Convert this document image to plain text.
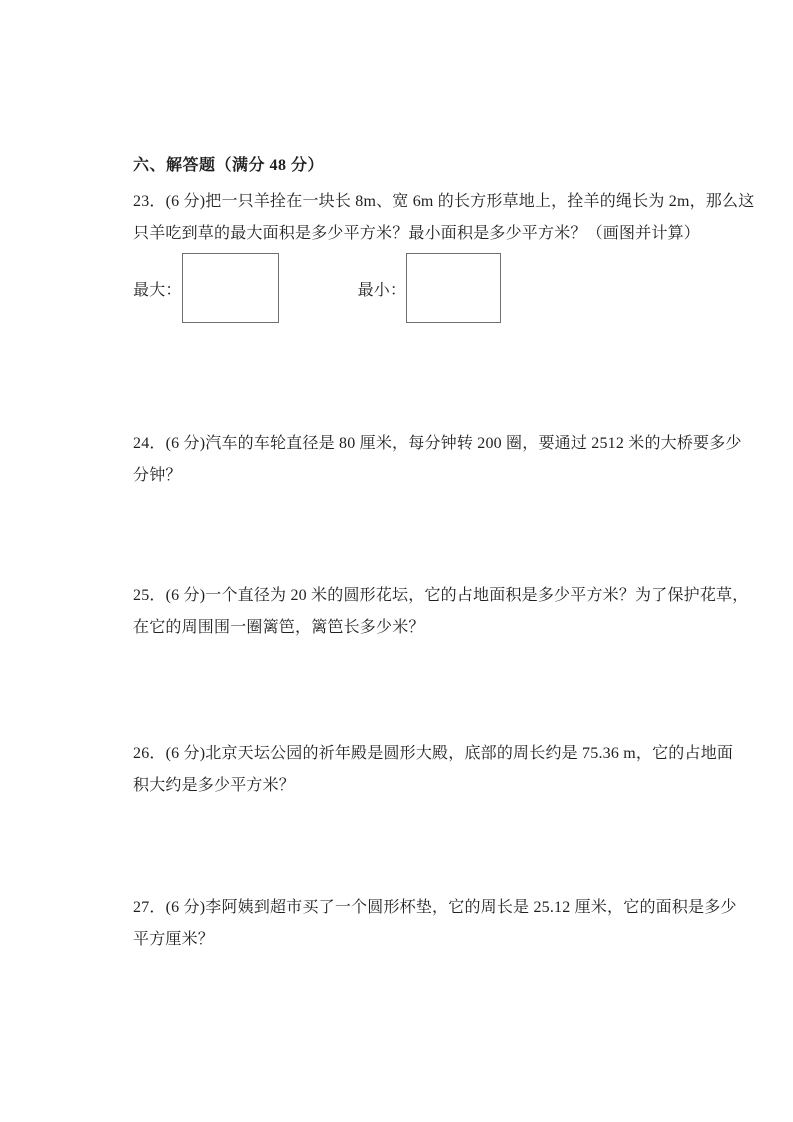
六、解答题（满分 48 分）
23．(6 分)把一只羊拴在一块长 8m、宽 6m 的长方形草地上，拴羊的绳长为 2m，那么这
只羊吃到草的最大面积是多少平方米？最小面积是多少平方米？（画图并计算）
最大：	最小：
24．(6 分)汽车的车轮直径是 80 厘米，每分钟转 200 圈，要通过 2512 米的大桥要多少
分钟？
25．(6 分)一个直径为 20 米的圆形花坛，它的占地面积是多少平方米？为了保护花草，
在它的周围围一圈篱笆，篱笆长多少米？
26．(6 分)北京天坛公园的祈年殿是圆形大殿，底部的周长约是 75.36 m，它的占地面
积大约是多少平方米？
27．(6 分)李阿姨到超市买了一个圆形杯垫，它的周长是 25.12 厘米，它的面积是多少
平方厘米？
